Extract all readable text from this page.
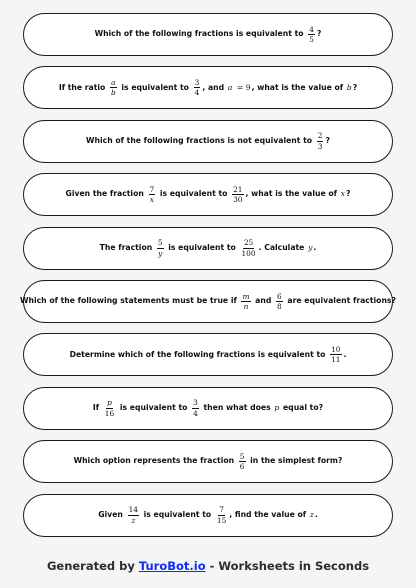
Which of the following fractions is equivalent to $\frac{4}{5}$ ?
If the ratio $\frac{a}{b}$ is equivalent to $\frac{3}{4}$ , and a = 9 , what is the value of b ?
Which of the following fractions is not equivalent to $\frac{2}{3}$ ?
Given the fraction $\frac{7}{x}$ is equivalent to $\frac{21}{30}$ , what is the value of x ?
The fraction $\frac{5}{y}$ is equivalent to $\frac{25}{100}$ . Calculate y .
Which of the following statements must be true if $\frac{m}{n}$ and $\frac{6}{8}$ are equivalent fractions?
Determine which of the following fractions is equivalent to $\frac{10}{11}$ .
If $\frac{p}{16}$ is equivalent to $\frac{3}{4}$ then what does p equal to?
Which option represents the fraction $\frac{5}{6}$ in the simplest form?
Given $\frac{14}{z}$ is equivalent to $\frac{7}{15}$ , find the value of z .
Generated by TuroBot.io - Worksheets in Seconds
